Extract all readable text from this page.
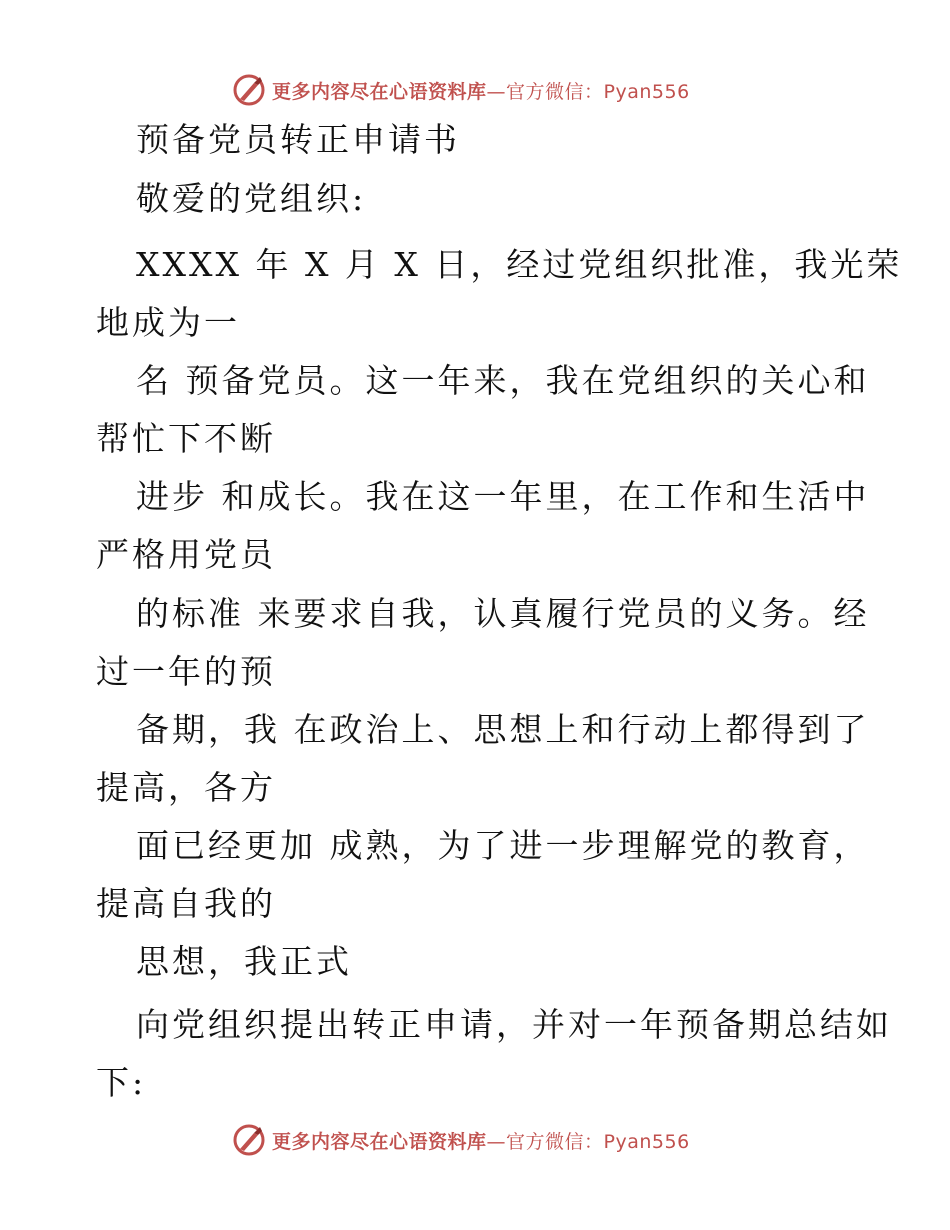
更多内容尽在心语资料库—官方微信：Pyan556
预备党员转正申请书
敬爱的党组织:
XXXX 年 X 月 X 日，经过党组织批准，我光荣
地成为一
名 预备党员。这一年来，我在党组织的关心和
帮忙下不断
进步 和成长。我在这一年里，在工作和生活中
严格用党员
的标准 来要求自我，认真履行党员的义务。经
过一年的预
备期，我 在政治上、思想上和行动上都得到了
提高，各方
面已经更加 成熟，为了进一步理解党的教育，
提高自我的
思想，我正式
向党组织提出转正申请，并对一年预备期总结如
下:
更多内容尽在心语资料库—官方微信：Pyan556
